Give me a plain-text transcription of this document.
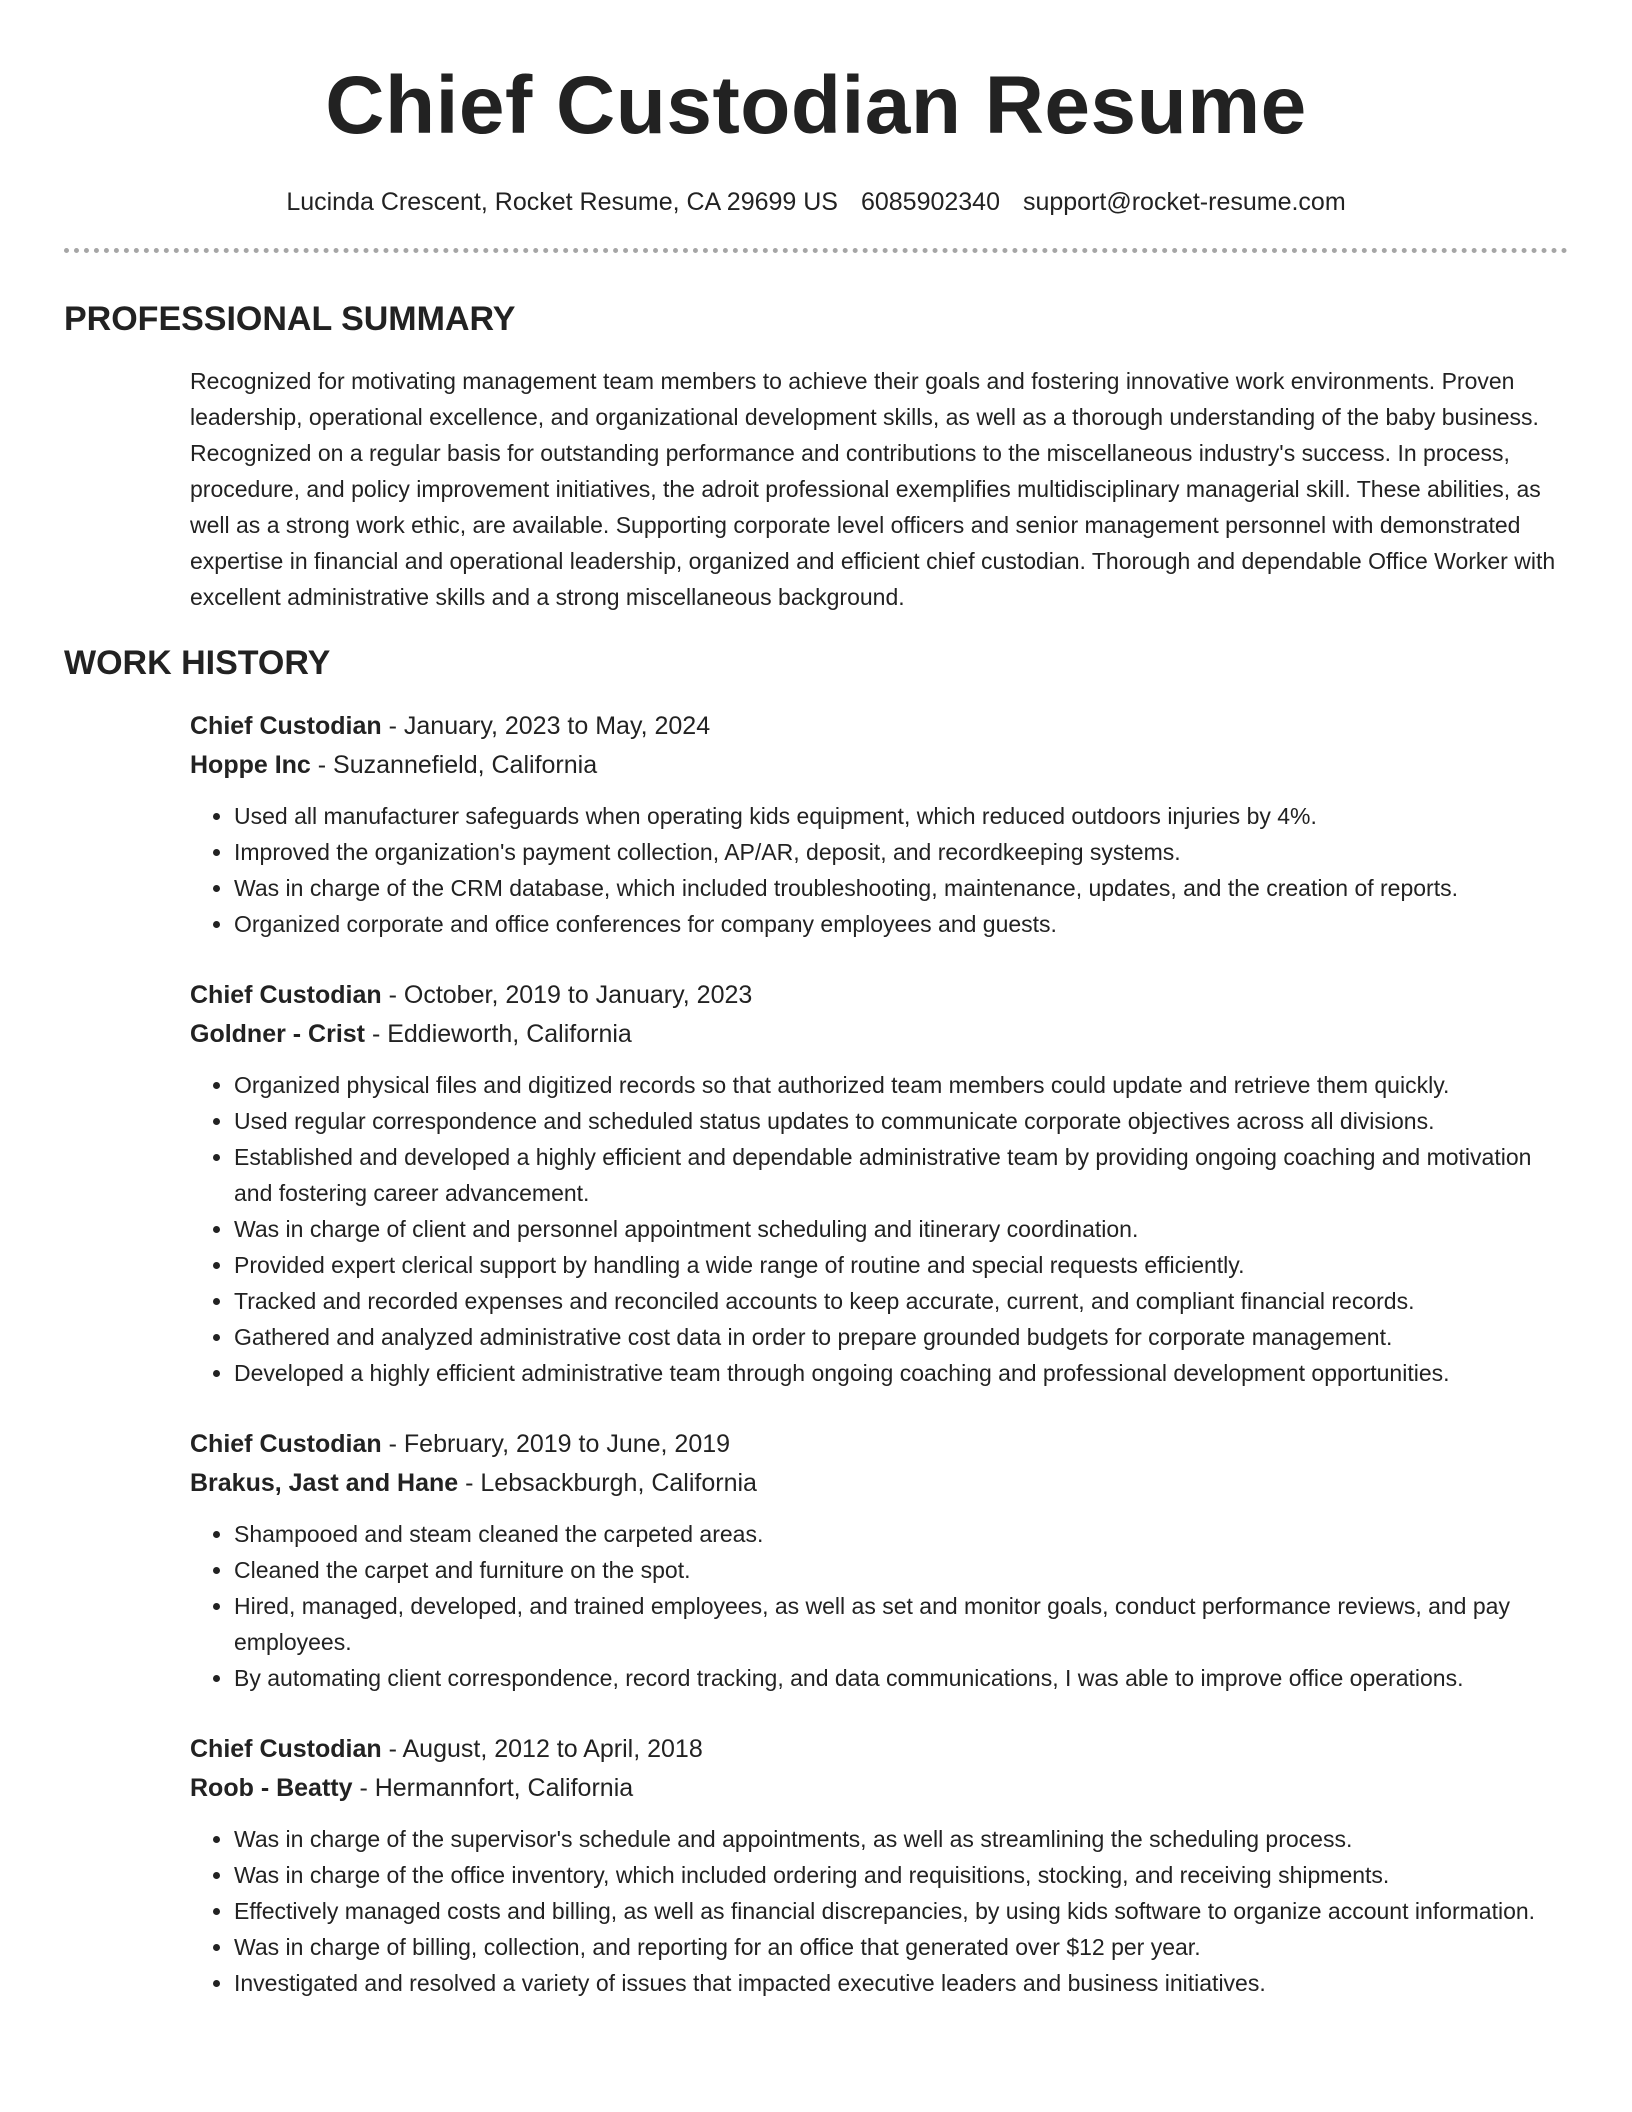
Chief Custodian Resume
Lucinda Crescent, Rocket Resume, CA 29699 US 6085902340 support@rocket-resume.com
PROFESSIONAL SUMMARY
Recognized for motivating management team members to achieve their goals and fostering innovative work environments. Proven leadership, operational excellence, and organizational development skills, as well as a thorough understanding of the baby business. Recognized on a regular basis for outstanding performance and contributions to the miscellaneous industry's success. In process, procedure, and policy improvement initiatives, the adroit professional exemplifies multidisciplinary managerial skill. These abilities, as well as a strong work ethic, are available. Supporting corporate level officers and senior management personnel with demonstrated expertise in financial and operational leadership, organized and efficient chief custodian. Thorough and dependable Office Worker with excellent administrative skills and a strong miscellaneous background.
WORK HISTORY
Chief Custodian - January, 2023 to May, 2024
Hoppe Inc - Suzannefield, California
• Used all manufacturer safeguards when operating kids equipment, which reduced outdoors injuries by 4%.
• Improved the organization's payment collection, AP/AR, deposit, and recordkeeping systems.
• Was in charge of the CRM database, which included troubleshooting, maintenance, updates, and the creation of reports.
• Organized corporate and office conferences for company employees and guests.
Chief Custodian - October, 2019 to January, 2023
Goldner - Crist - Eddieworth, California
• Organized physical files and digitized records so that authorized team members could update and retrieve them quickly.
• Used regular correspondence and scheduled status updates to communicate corporate objectives across all divisions.
• Established and developed a highly efficient and dependable administrative team by providing ongoing coaching and motivation and fostering career advancement.
• Was in charge of client and personnel appointment scheduling and itinerary coordination.
• Provided expert clerical support by handling a wide range of routine and special requests efficiently.
• Tracked and recorded expenses and reconciled accounts to keep accurate, current, and compliant financial records.
• Gathered and analyzed administrative cost data in order to prepare grounded budgets for corporate management.
• Developed a highly efficient administrative team through ongoing coaching and professional development opportunities.
Chief Custodian - February, 2019 to June, 2019
Brakus, Jast and Hane - Lebsackburgh, California
• Shampooed and steam cleaned the carpeted areas.
• Cleaned the carpet and furniture on the spot.
• Hired, managed, developed, and trained employees, as well as set and monitor goals, conduct performance reviews, and pay employees.
• By automating client correspondence, record tracking, and data communications, I was able to improve office operations.
Chief Custodian - August, 2012 to April, 2018
Roob - Beatty - Hermannfort, California
• Was in charge of the supervisor's schedule and appointments, as well as streamlining the scheduling process.
• Was in charge of the office inventory, which included ordering and requisitions, stocking, and receiving shipments.
• Effectively managed costs and billing, as well as financial discrepancies, by using kids software to organize account information.
• Was in charge of billing, collection, and reporting for an office that generated over $12 per year.
• Investigated and resolved a variety of issues that impacted executive leaders and business initiatives.
